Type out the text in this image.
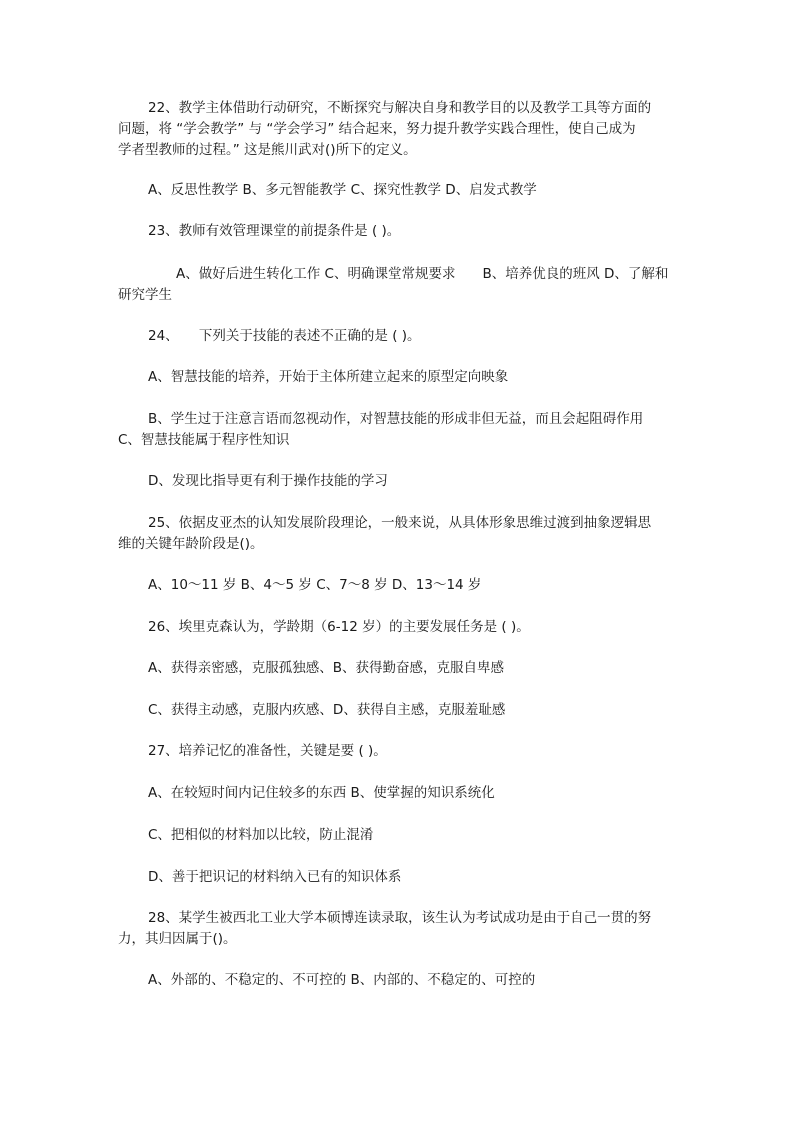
22、教学主体借助行动研究，不断探究与解决自身和教学目的以及教学工具等方面的
问题，将 “学会教学” 与 “学会学习” 结合起来，努力提升教学实践合理性，使自己成为
学者型教师的过程。” 这是熊川武对()所下的定义。
A、反思性教学 B、多元智能教学 C、探究性教学 D、启发式教学
23、教师有效管理课堂的前提条件是 ( )。
A、做好后进生转化工作 C、明确课堂常规要求　　B、培养优良的班风 D、了解和
研究学生
24、　　下列关于技能的表述不正确的是 ( )。
A、智慧技能的培养，开始于主体所建立起来的原型定向映象
B、学生过于注意言语而忽视动作，对智慧技能的形成非但无益，而且会起阻碍作用
C、智慧技能属于程序性知识
D、发现比指导更有利于操作技能的学习
25、依据皮亚杰的认知发展阶段理论，一般来说，从具体形象思维过渡到抽象逻辑思
维的关键年龄阶段是()。
A、10～11 岁 B、4～5 岁 C、7～8 岁 D、13～14 岁
26、埃里克森认为，学龄期（6-12 岁）的主要发展任务是 ( )。
A、获得亲密感，克服孤独感、B、获得勤奋感，克服自卑感
C、获得主动感，克服内疚感、D、获得自主感，克服羞耻感
27、培养记忆的准备性，关键是要 ( )。
A、在较短时间内记住较多的东西 B、使掌握的知识系统化
C、把相似的材料加以比较，防止混淆
D、善于把识记的材料纳入已有的知识体系
28、某学生被西北工业大学本硕博连读录取，该生认为考试成功是由于自己一贯的努
力，其归因属于()。
A、外部的、不稳定的、不可控的 B、内部的、不稳定的、可控的
